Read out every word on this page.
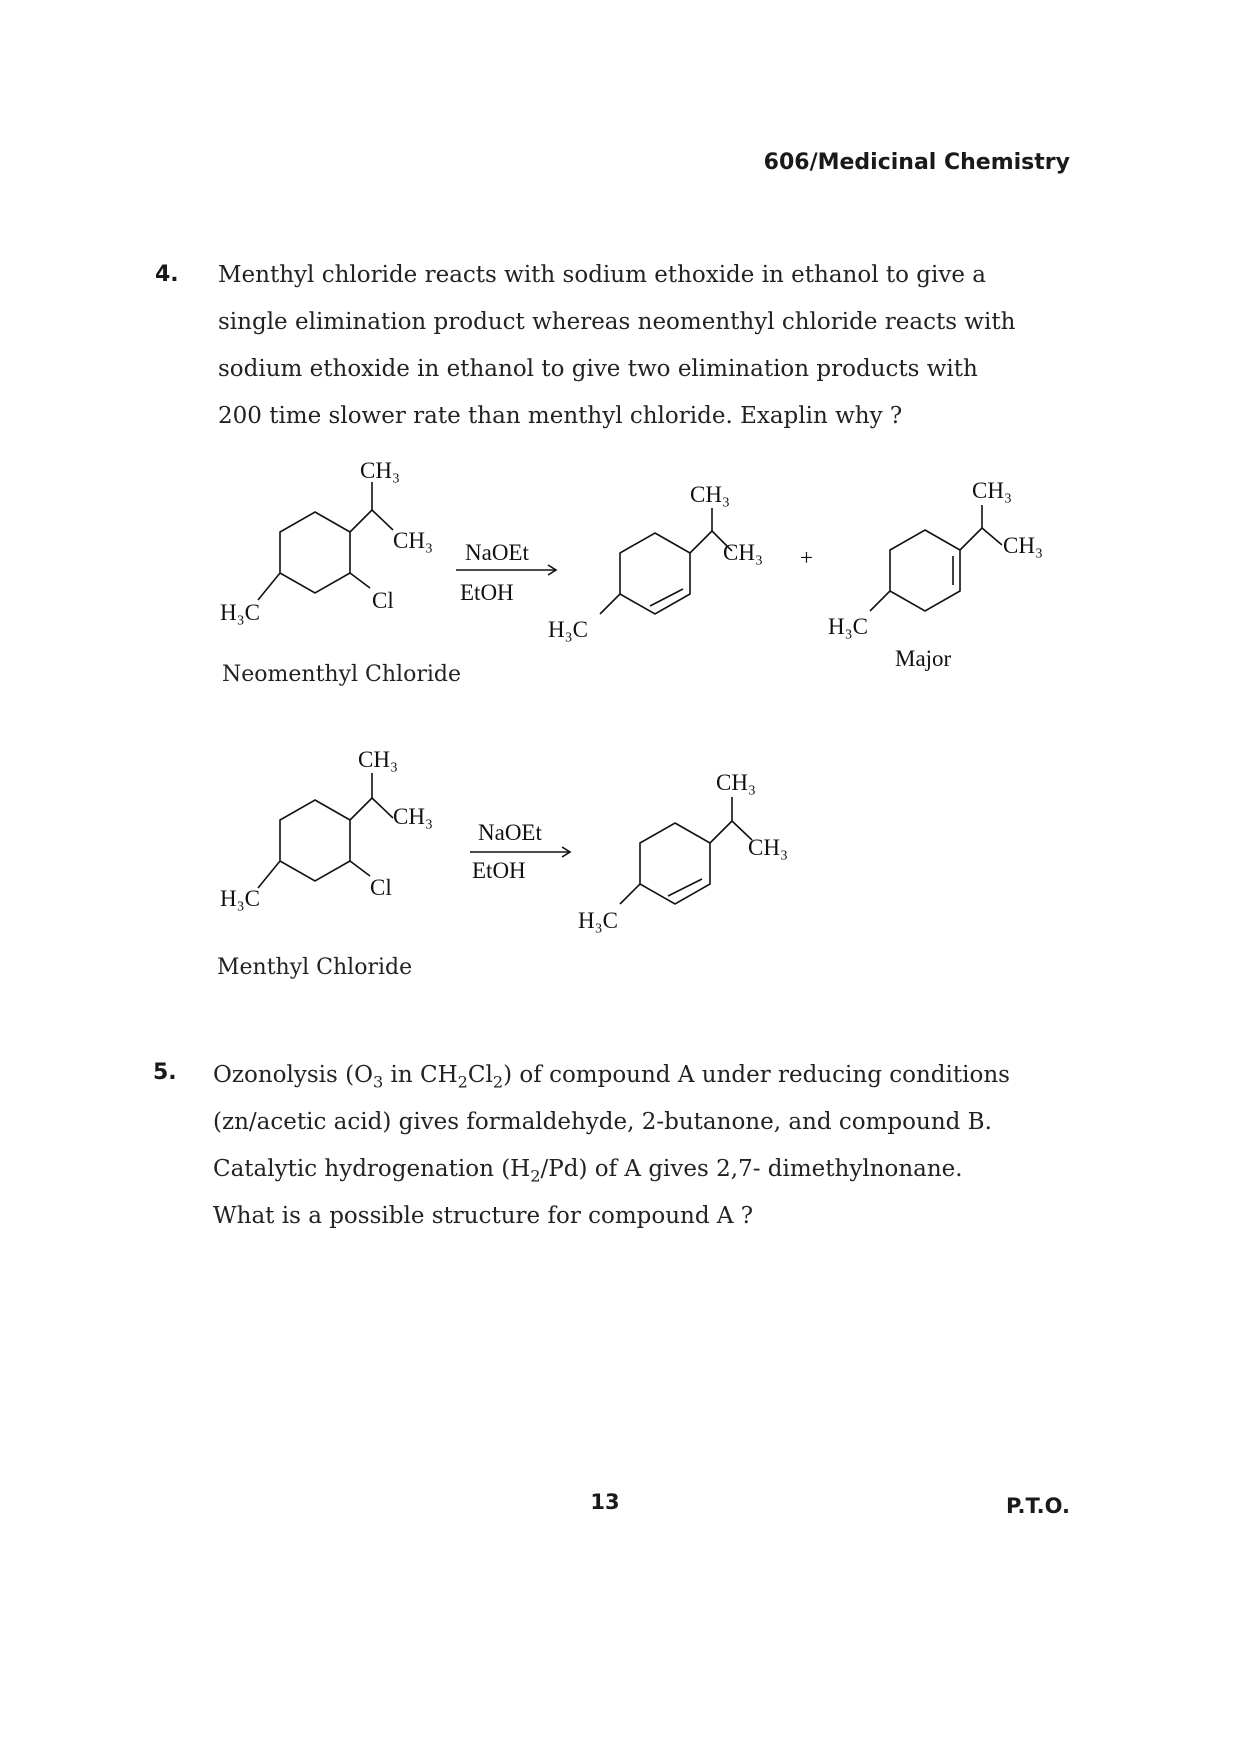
606/Medicinal Chemistry
4. Menthyl chloride reacts with sodium ethoxide in ethanol to give a

single elimination product whereas neomenthyl chloride reacts with

sodium ethoxide in ethanol to give two elimination products with

200 time slower rate than menthyl chloride. Exaplin why ?

CH₃
CH₃
Cl
H₃C
NaOEt
EtOH
CH₃
CH₃
H₃C
+
CH₃
CH₃
H₃C
Major
CH₃
CH₃
Cl
H₃C
NaOEt
EtOH
CH₃
CH₃
H₃C
Neomenthyl Chloride
Menthyl Chloride
5. Ozonolysis ($O_3$ in $CH_2Cl_2$) of compound A under reducing conditions

(zn/acetic acid) gives formaldehyde, 2-butanone, and compound B.

Catalytic hydrogenation $(H_2/Pd)$ of A gives 2,7- dimethylnonane.

What is a possible structure for compound A ?

13	P.T.O.
